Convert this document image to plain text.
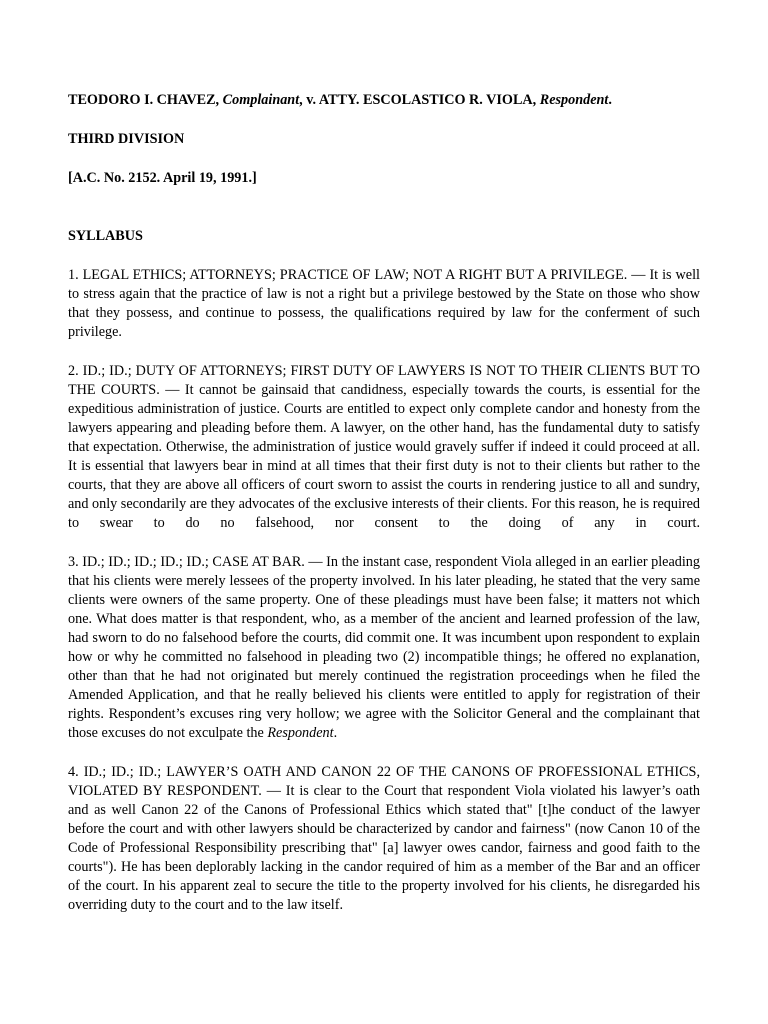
TEODORO I. CHAVEZ, Complainant, v. ATTY. ESCOLASTICO R. VIOLA, Respondent.

THIRD DIVISION

[A.C. No. 2152. April 19, 1991.]

SYLLABUS

1. LEGAL ETHICS; ATTORNEYS; PRACTICE OF LAW; NOT A RIGHT BUT A PRIVILEGE. — It is well to stress again that the practice of law is not a right but a privilege bestowed by the State on those who show that they possess, and continue to possess, the qualifications required by law for the conferment of such privilege.

2. ID.; ID.; DUTY OF ATTORNEYS; FIRST DUTY OF LAWYERS IS NOT TO THEIR CLIENTS BUT TO THE COURTS. — It cannot be gainsaid that candidness, especially towards the courts, is essential for the expeditious administration of justice. Courts are entitled to expect only complete candor and honesty from the lawyers appearing and pleading before them. A lawyer, on the other hand, has the fundamental duty to satisfy that expectation. Otherwise, the administration of justice would gravely suffer if indeed it could proceed at all. It is essential that lawyers bear in mind at all times that their first duty is not to their clients but rather to the courts, that they are above all officers of court sworn to assist the courts in rendering justice to all and sundry, and only secondarily are they advocates of the exclusive interests of their clients. For this reason, he is required to swear to do no falsehood, nor consent to the doing of any in court.

3. ID.; ID.; ID.; ID.; ID.; CASE AT BAR. — In the instant case, respondent Viola alleged in an earlier pleading that his clients were merely lessees of the property involved. In his later pleading, he stated that the very same clients were owners of the same property. One of these pleadings must have been false; it matters not which one. What does matter is that respondent, who, as a member of the ancient and learned profession of the law, had sworn to do no falsehood before the courts, did commit one. It was incumbent upon respondent to explain how or why he committed no falsehood in pleading two (2) incompatible things; he offered no explanation, other than that he had not originated but merely continued the registration proceedings when he filed the Amended Application, and that he really believed his clients were entitled to apply for registration of their rights. Respondent’s excuses ring very hollow; we agree with the Solicitor General and the complainant that those excuses do not exculpate the Respondent.

4. ID.; ID.; ID.; LAWYER’S OATH AND CANON 22 OF THE CANONS OF PROFESSIONAL ETHICS, VIOLATED BY RESPONDENT. — It is clear to the Court that respondent Viola violated his lawyer’s oath and as well Canon 22 of the Canons of Professional Ethics which stated that" [t]he conduct of the lawyer before the court and with other lawyers should be characterized by candor and fairness" (now Canon 10 of the Code of Professional Responsibility prescribing that" [a] lawyer owes candor, fairness and good faith to the courts"). He has been deplorably lacking in the candor required of him as a member of the Bar and an officer of the court. In his apparent zeal to secure the title to the property involved for his clients, he disregarded his overriding duty to the court and to the law itself.
